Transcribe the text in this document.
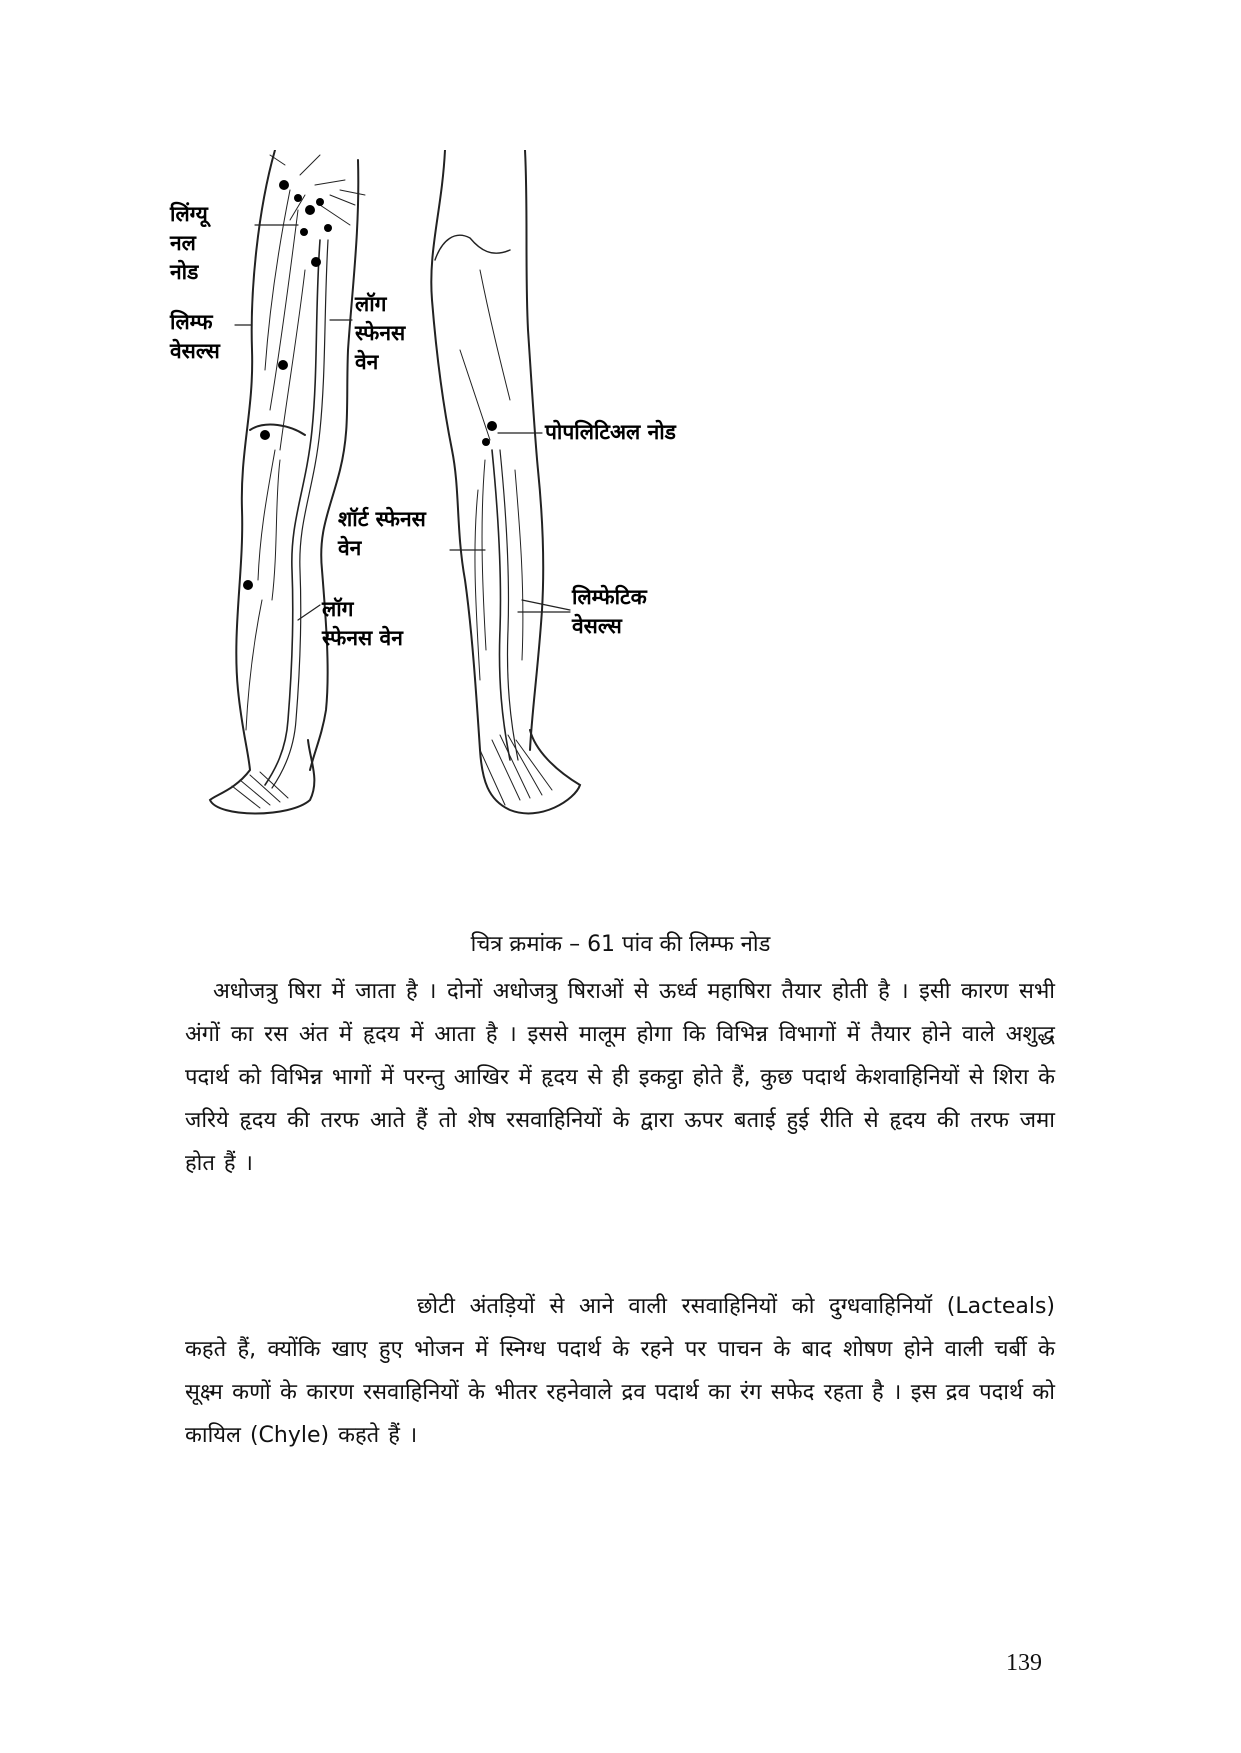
लिंग्यू
नल
नोड
लिम्फ
वेसल्स
लॉग
स्फेनस
वेन
पोपलिटिअल नोड
शॉर्ट स्फेनस
वेन
लॉग
स्फेनस वेन
लिम्फेटिक
वेसल्स
चित्र क्रमांक – 61 पांव की लिम्फ नोड

अधोजत्रु षिरा में जाता है । दोनों अधोजत्रु षिराओं से ऊर्ध्व महाषिरा तैयार होती है । इसी कारण सभी अंगों का रस अंत में हृदय में आता है । इससे मालूम होगा कि विभिन्न विभागों में तैयार होने वाले अशुद्ध पदार्थ को विभिन्न भागों में परन्तु आखिर में हृदय से ही इकट्ठा होते हैं, कुछ पदार्थ केशवाहिनियों से शिरा के जरिये हृदय की तरफ आते हैं तो शेष रसवाहिनियों के द्वारा ऊपर बताई हुई रीति से हृदय की तरफ जमा होत हैं ।

छोटी अंतड़ियों से आने वाली रसवाहिनियों को दुग्धवाहिनियॉ (Lacteals) कहते हैं, क्योंकि खाए हुए भोजन में स्निग्ध पदार्थ के रहने पर पाचन के बाद शोषण होने वाली चर्बी के सूक्ष्म कणों के कारण रसवाहिनियों के भीतर रहनेवाले द्रव पदार्थ का रंग सफेद रहता है । इस द्रव पदार्थ को कायिल (Chyle) कहते हैं ।

139
